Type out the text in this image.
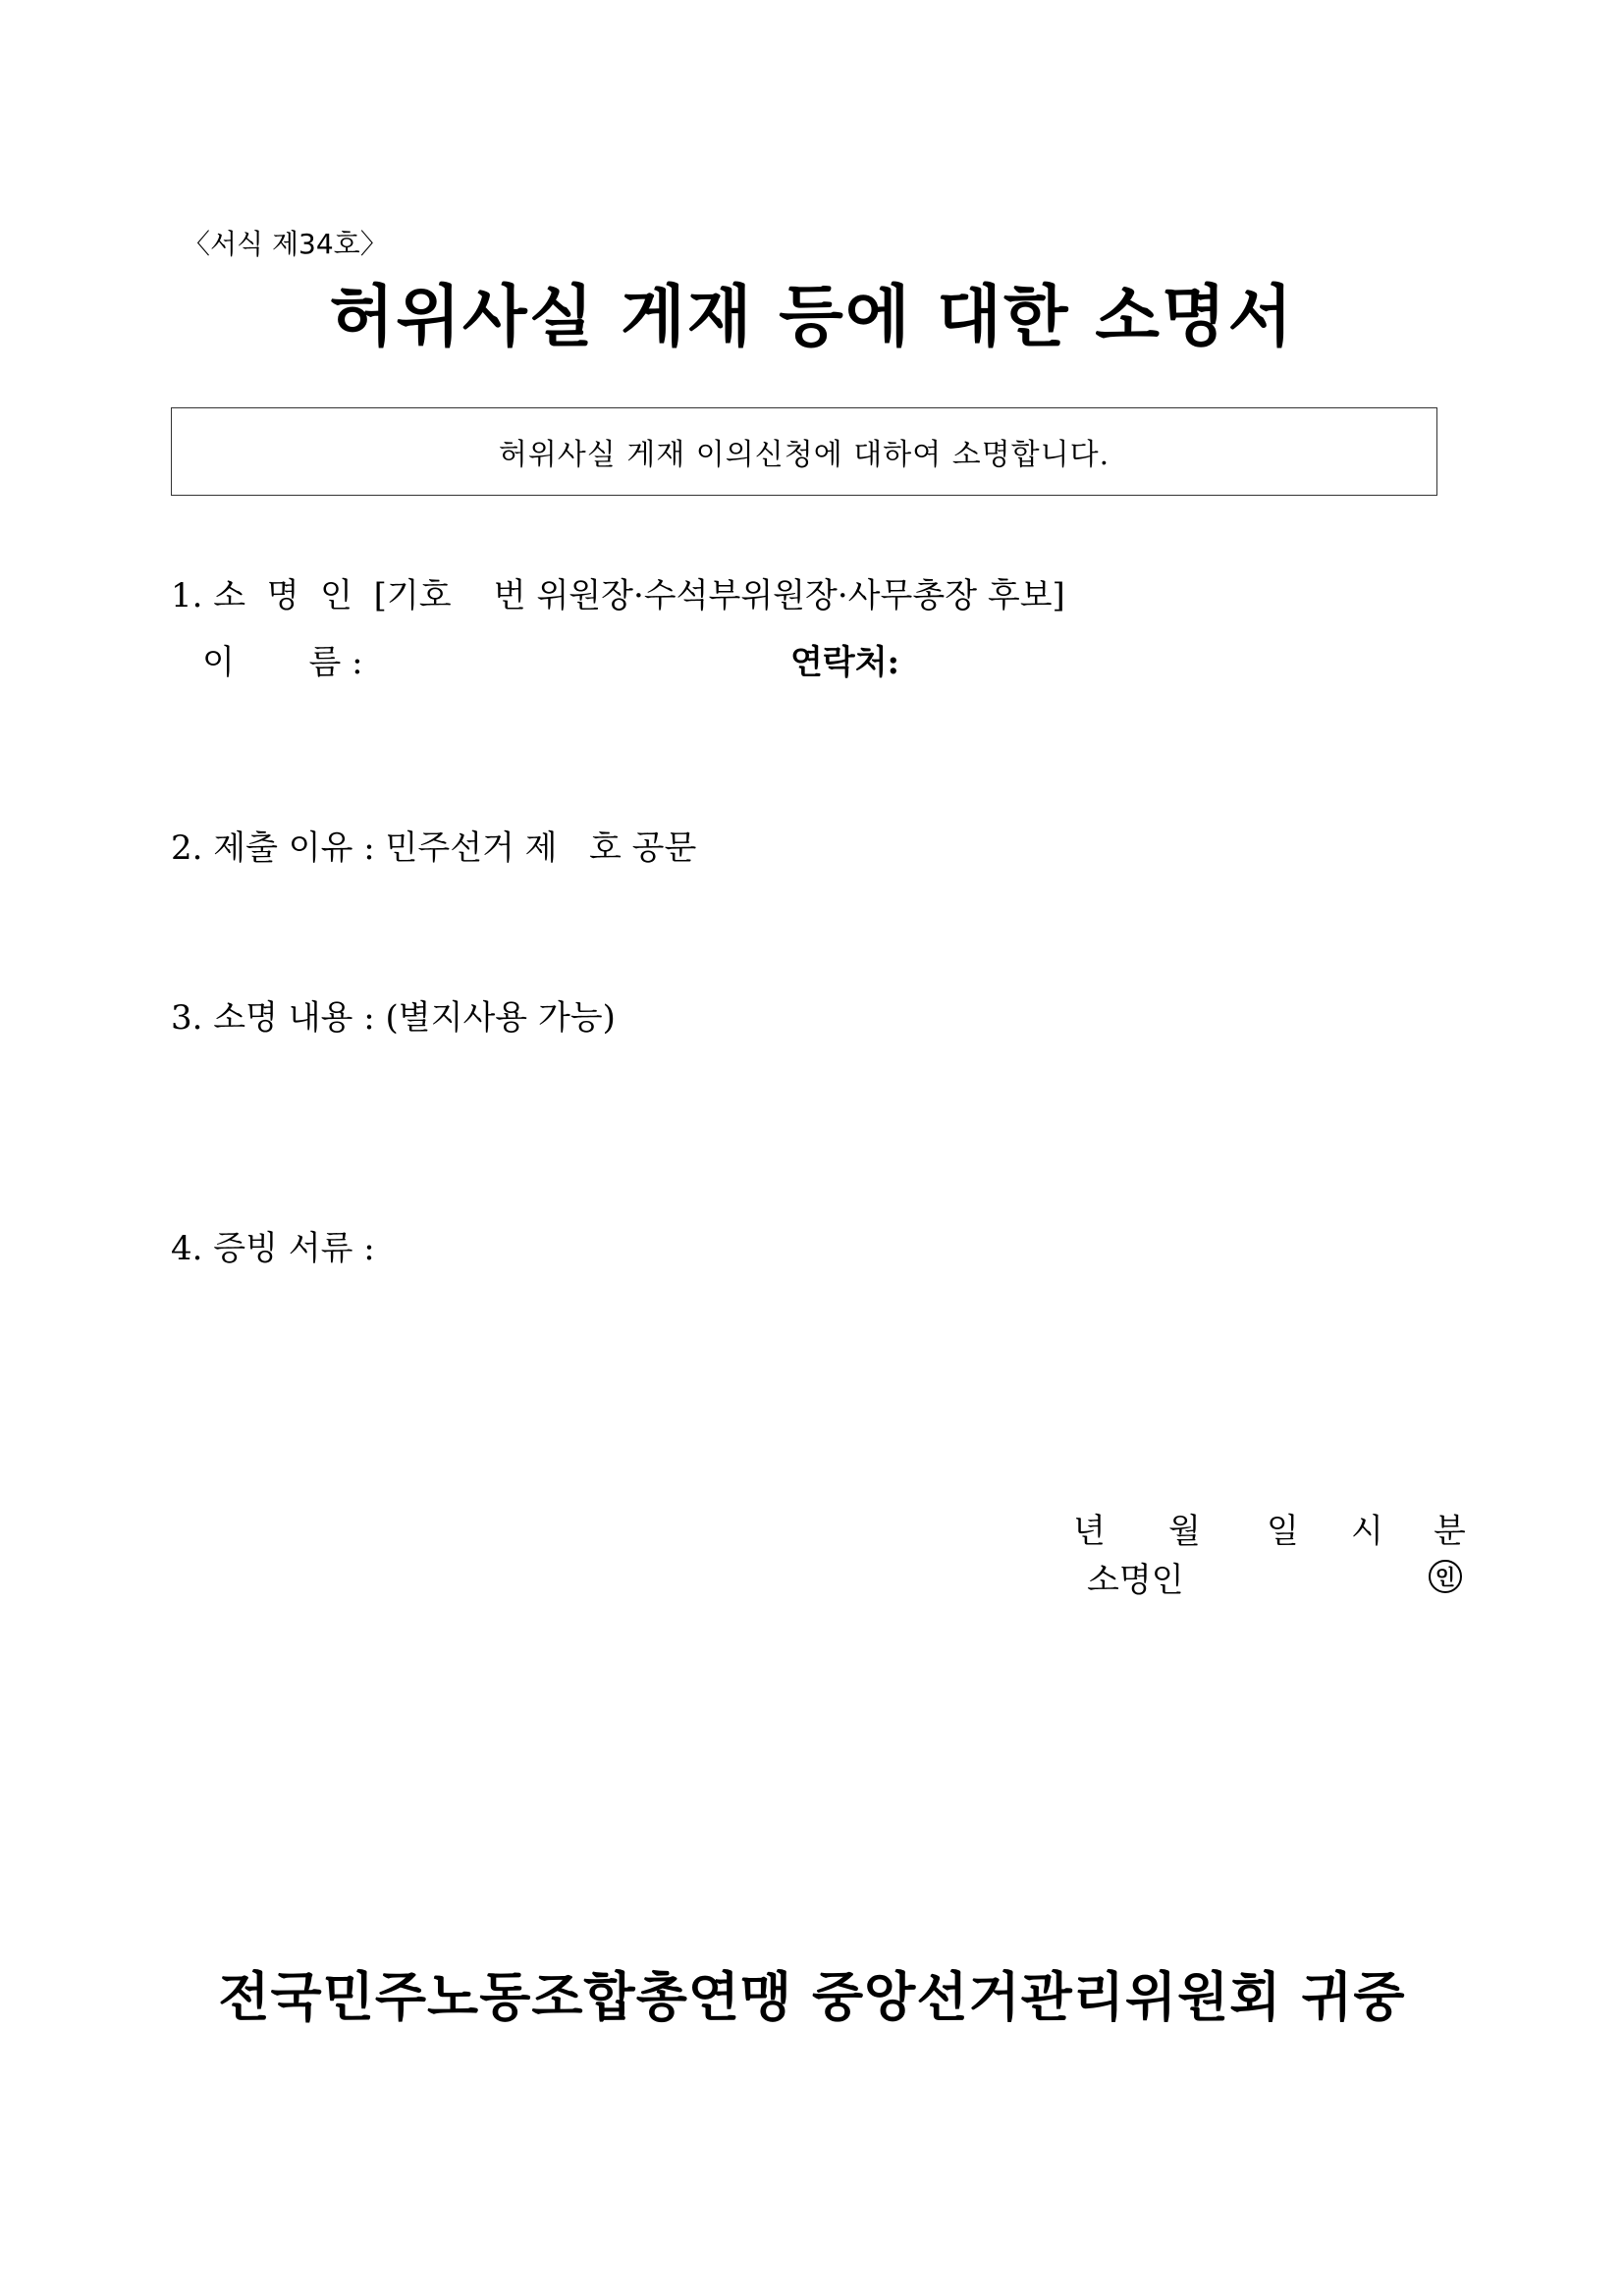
〈서식 제34호〉
허위사실 게재 등에 대한 소명서
허위사실 게재 이의신청에 대하여 소명합니다.
1. 소  명  인  [기호    번 위원장·수석부위원장·사무총장 후보]
이       름 :	연락처:
2. 제출 이유 : 민주선거 제   호 공문
3. 소명 내용 : (별지사용 가능)
4. 증빙 서류 :
년 월 일 시 분
소명인	인
전국민주노동조합총연맹 중앙선거관리위원회 귀중
